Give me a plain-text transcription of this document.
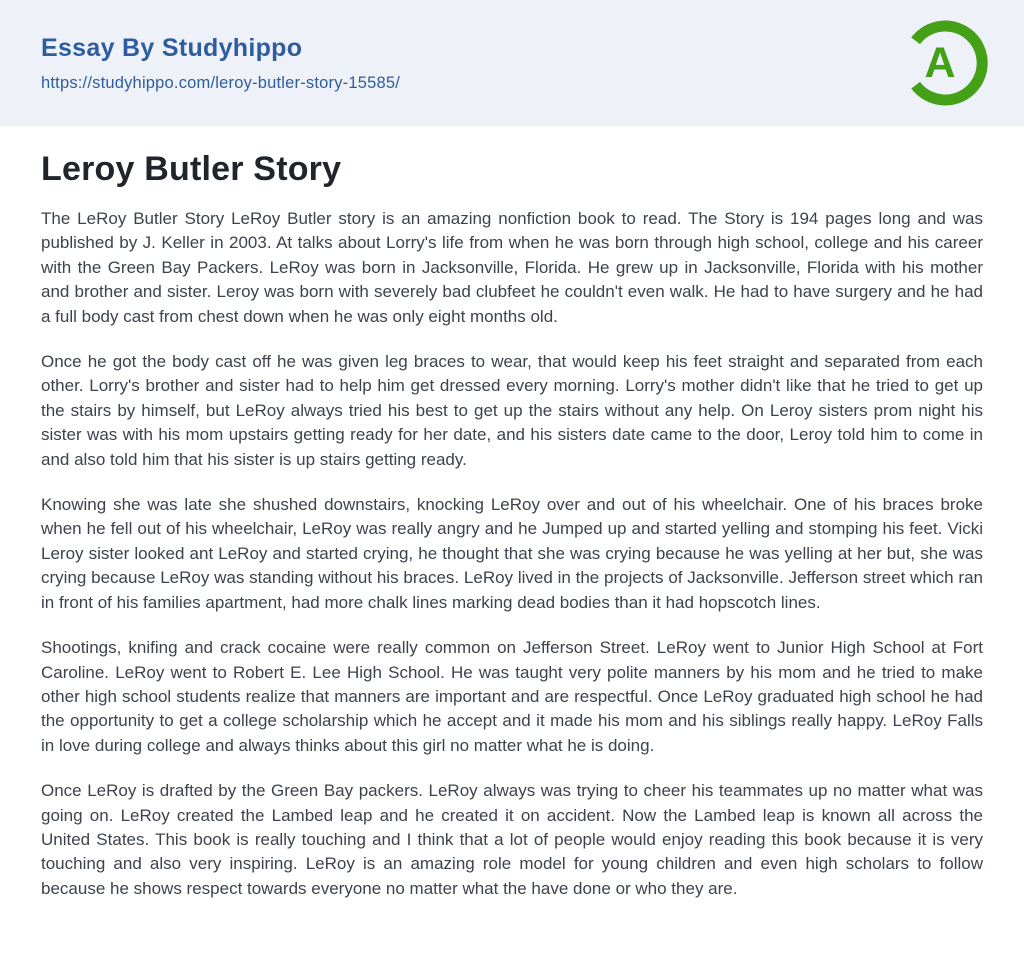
Essay By Studyhippo
https://studyhippo.com/leroy-butler-story-15585/	A
Leroy Butler Story

The LeRoy Butler Story LeRoy Butler story is an amazing nonfiction book to read. The Story is 194 pages long and was published by J. Keller in 2003. At talks about Lorry's life from when he was born through high school, college and his career with the Green Bay Packers. LeRoy was born in Jacksonville, Florida. He grew up in Jacksonville, Florida with his mother and brother and sister. Leroy was born with severely bad clubfeet he couldn't even walk. He had to have surgery and he had a full body cast from chest down when he was only eight months old.

Once he got the body cast off he was given leg braces to wear, that would keep his feet straight and separated from each other. Lorry's brother and sister had to help him get dressed every morning. Lorry's mother didn't like that he tried to get up the stairs by himself, but LeRoy always tried his best to get up the stairs without any help. On Leroy sisters prom night his sister was with his mom upstairs getting ready for her date, and his sisters date came to the door, Leroy told him to come in and also told him that his sister is up stairs getting ready.

Knowing she was late she shushed downstairs, knocking LeRoy over and out of his wheelchair. One of his braces broke when he fell out of his wheelchair, LeRoy was really angry and he Jumped up and started yelling and stomping his feet. Vicki Leroy sister looked ant LeRoy and started crying, he thought that she was crying because he was yelling at her but, she was crying because LeRoy was standing without his braces. LeRoy lived in the projects of Jacksonville. Jefferson street which ran in front of his families apartment, had more chalk lines marking dead bodies than it had hopscotch lines.

Shootings, knifing and crack cocaine were really common on Jefferson Street. LeRoy went to Junior High School at Fort Caroline. LeRoy went to Robert E. Lee High School. He was taught very polite manners by his mom and he tried to make other high school students realize that manners are important and are respectful. Once LeRoy graduated high school he had the opportunity to get a college scholarship which he accept and it made his mom and his siblings really happy. LeRoy Falls in love during college and always thinks about this girl no matter what he is doing.

Once LeRoy is drafted by the Green Bay packers. LeRoy always was trying to cheer his teammates up no matter what was going on. LeRoy created the Lambed leap and he created it on accident. Now the Lambed leap is known all across the United States. This book is really touching and I think that a lot of people would enjoy reading this book because it is very touching and also very inspiring. LeRoy is an amazing role model for young children and even high scholars to follow because he shows respect towards everyone no matter what the have done or who they are.
